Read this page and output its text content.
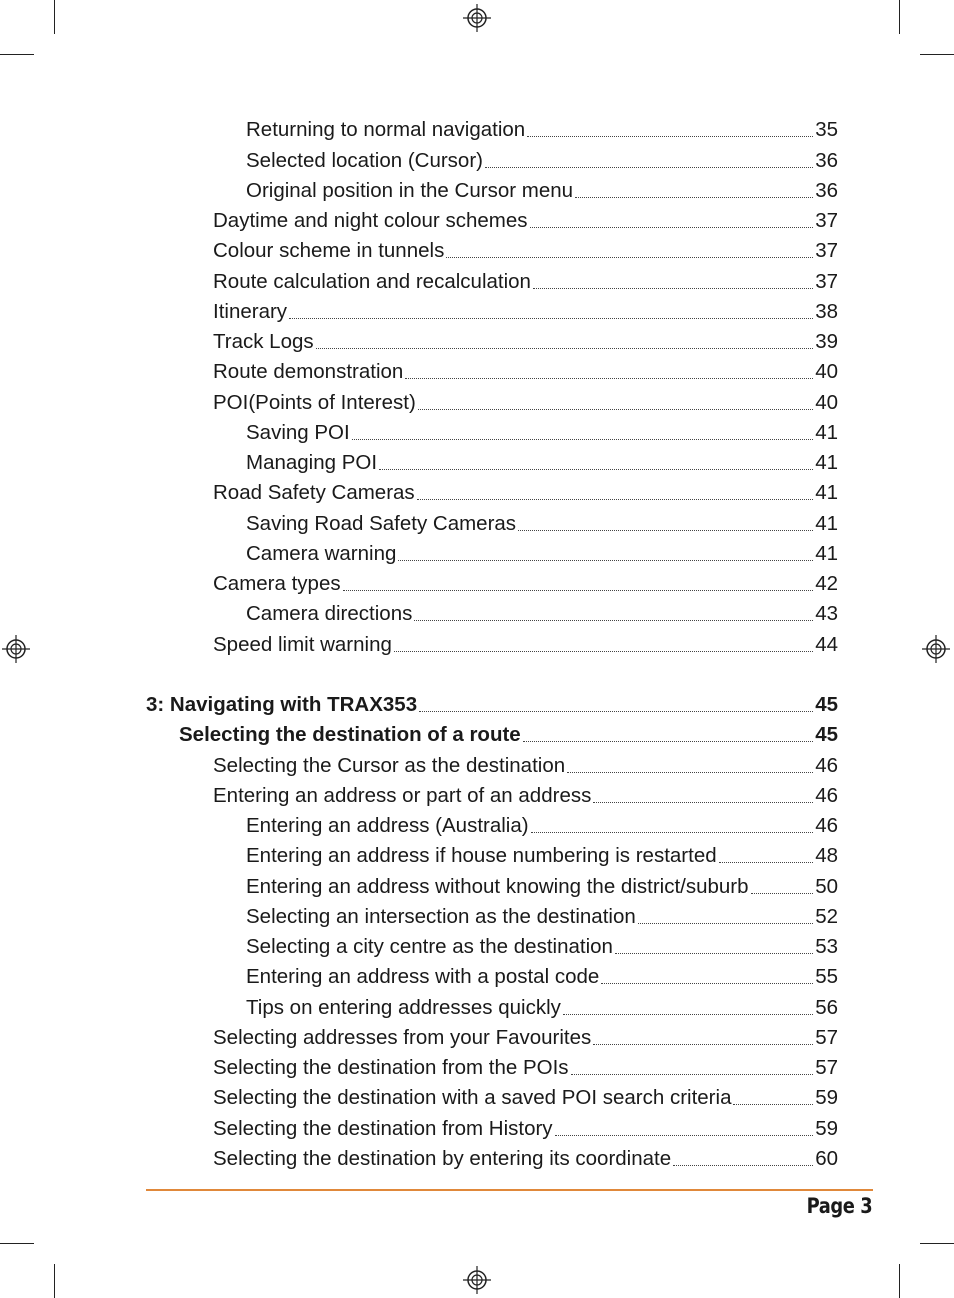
Returning to normal navigation	35
Selected location (Cursor)	36
Original position in the Cursor menu	36
Daytime and night colour schemes	37
Colour scheme in tunnels	37
Route calculation and recalculation	37
Itinerary	38
Track Logs	39
Route demonstration	40
POI(Points of Interest)	40
Saving POI	41
Managing POI	41
Road Safety Cameras	41
Saving Road Safety Cameras	41
Camera warning	41
Camera types	42
Camera directions	43
Speed limit warning	44
3: Navigating with TRAX353	45
Selecting the destination of a route	45
Selecting the Cursor as the destination	46
Entering an address or part of an address	46
Entering an address (Australia)	46
Entering an address if house numbering is restarted	48
Entering an address without knowing the district/suburb	50
Selecting an intersection as the destination	52
Selecting a city centre as the destination	53
Entering an address with a postal code	55
Tips on entering addresses quickly	56
Selecting addresses from your Favourites	57
Selecting the destination from the POIs	57
Selecting the destination with a saved POI search criteria	59
Selecting the destination from History	59
Selecting the destination by entering its coordinate	60
Page 3
